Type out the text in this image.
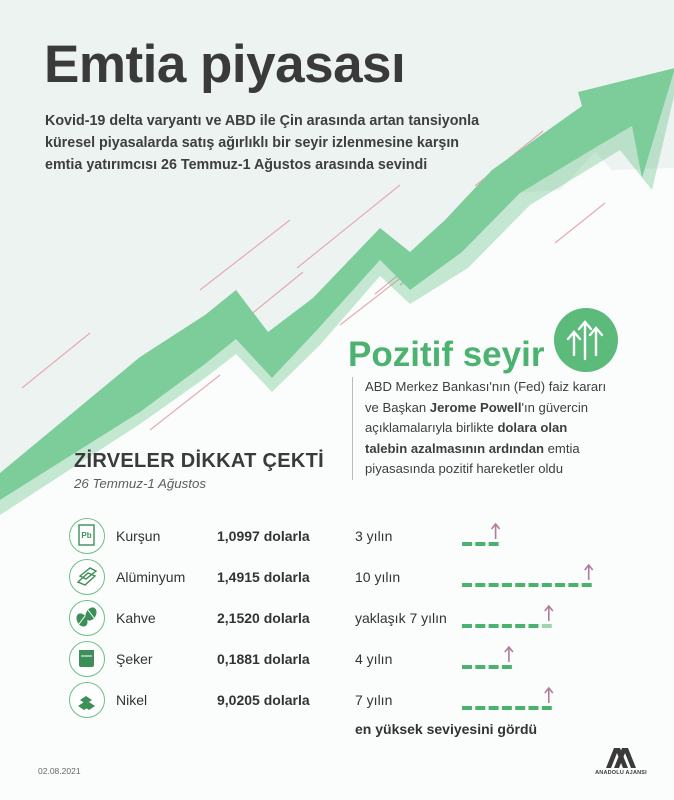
Emtia piyasası

Kovid-19 delta varyantı ve ABD ile Çin arasında artan tansiyonla
küresel piyasalarda satış ağırlıklı bir seyir izlenmesine karşın
emtia yatırımcısı 26 Temmuz-1 Ağustos arasında sevindi

Pozitif seyir
ABD Merkez Bankası'nın (Fed) faiz kararı
ve Başkan Jerome Powell'ın güvercin
açıklamalarıyla birlikte dolara olan
talebin azalmasının ardından emtia
piyasasında pozitif hareketler oldu
ZİRVELER DİKKAT ÇEKTİ
26 Temmuz-1 Ağustos
Pb Kurşun	1,0997 dolarla	3 yılın
Alüminyum 1,4915 dolarla	10 yılın
Kahve	2,1520 dolarla	yaklaşık 7 yılın
Şeker	0,1881 dolarla	4 yılın
Nikel	9,0205 dolarla	7 yılın
en yüksek seviyesini gördü
02.08.2021	ANADOLU AJANSI
